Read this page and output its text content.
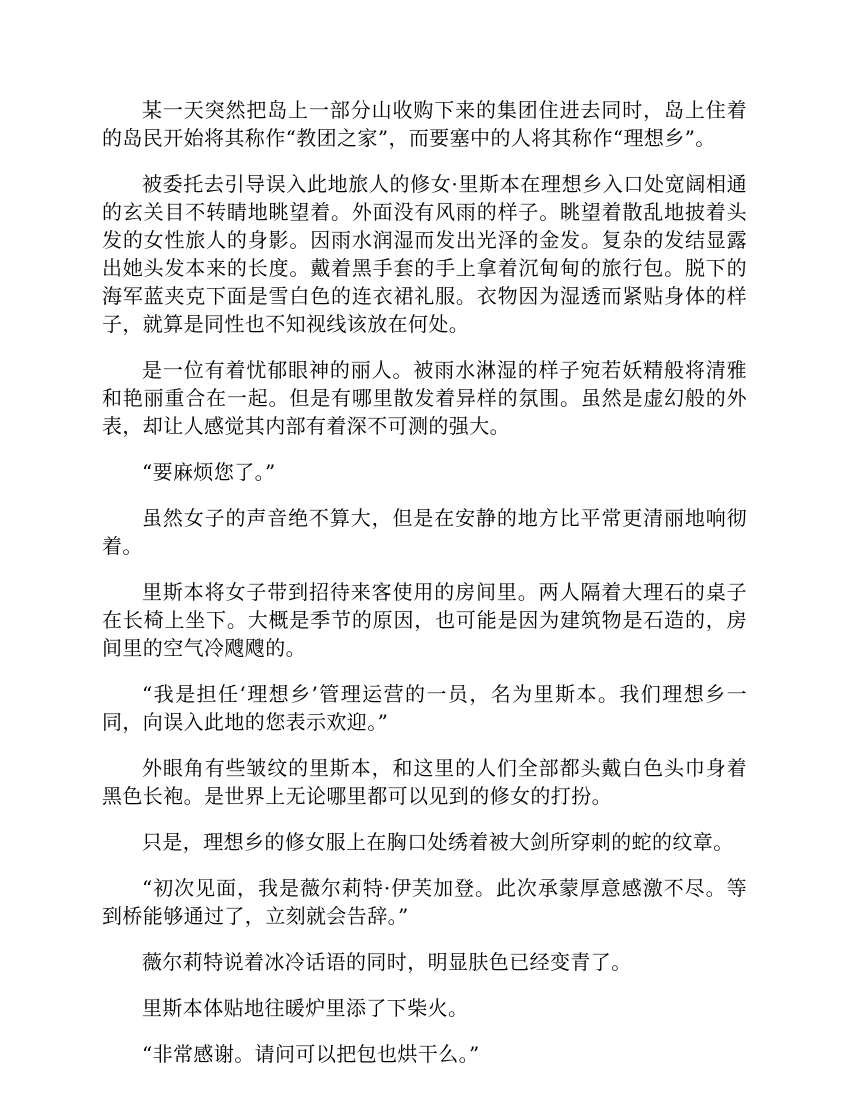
某一天突然把岛上一部分山收购下来的集团住进去同时，岛上住着的岛民开始将其称作“教团之家”，而要塞中的人将其称作“理想乡”。

被委托去引导误入此地旅人的修女·里斯本在理想乡入口处宽阔相通的玄关目不转睛地眺望着。外面没有风雨的样子。眺望着散乱地披着头发的女性旅人的身影。因雨水润湿而发出光泽的金发。复杂的发结显露出她头发本来的长度。戴着黑手套的手上拿着沉甸甸的旅行包。脱下的海军蓝夹克下面是雪白色的连衣裙礼服。衣物因为湿透而紧贴身体的样子，就算是同性也不知视线该放在何处。

是一位有着忧郁眼神的丽人。被雨水淋湿的样子宛若妖精般将清雅和艳丽重合在一起。但是有哪里散发着异样的氛围。虽然是虚幻般的外表，却让人感觉其内部有着深不可测的强大。

“要麻烦您了。”

虽然女子的声音绝不算大，但是在安静的地方比平常更清丽地响彻着。

里斯本将女子带到招待来客使用的房间里。两人隔着大理石的桌子在长椅上坐下。大概是季节的原因，也可能是因为建筑物是石造的，房间里的空气冷飕飕的。

“我是担任‘理想乡’管理运营的一员，名为里斯本。我们理想乡一同，向误入此地的您表示欢迎。”

外眼角有些皱纹的里斯本，和这里的人们全部都头戴白色头巾身着黑色长袍。是世界上无论哪里都可以见到的修女的打扮。

只是，理想乡的修女服上在胸口处绣着被大剑所穿刺的蛇的纹章。

“初次见面，我是薇尔莉特·伊芙加登。此次承蒙厚意感激不尽。等到桥能够通过了，立刻就会告辞。”

薇尔莉特说着冰冷话语的同时，明显肤色已经变青了。

里斯本体贴地往暖炉里添了下柴火。

“非常感谢。请问可以把包也烘干么。”
